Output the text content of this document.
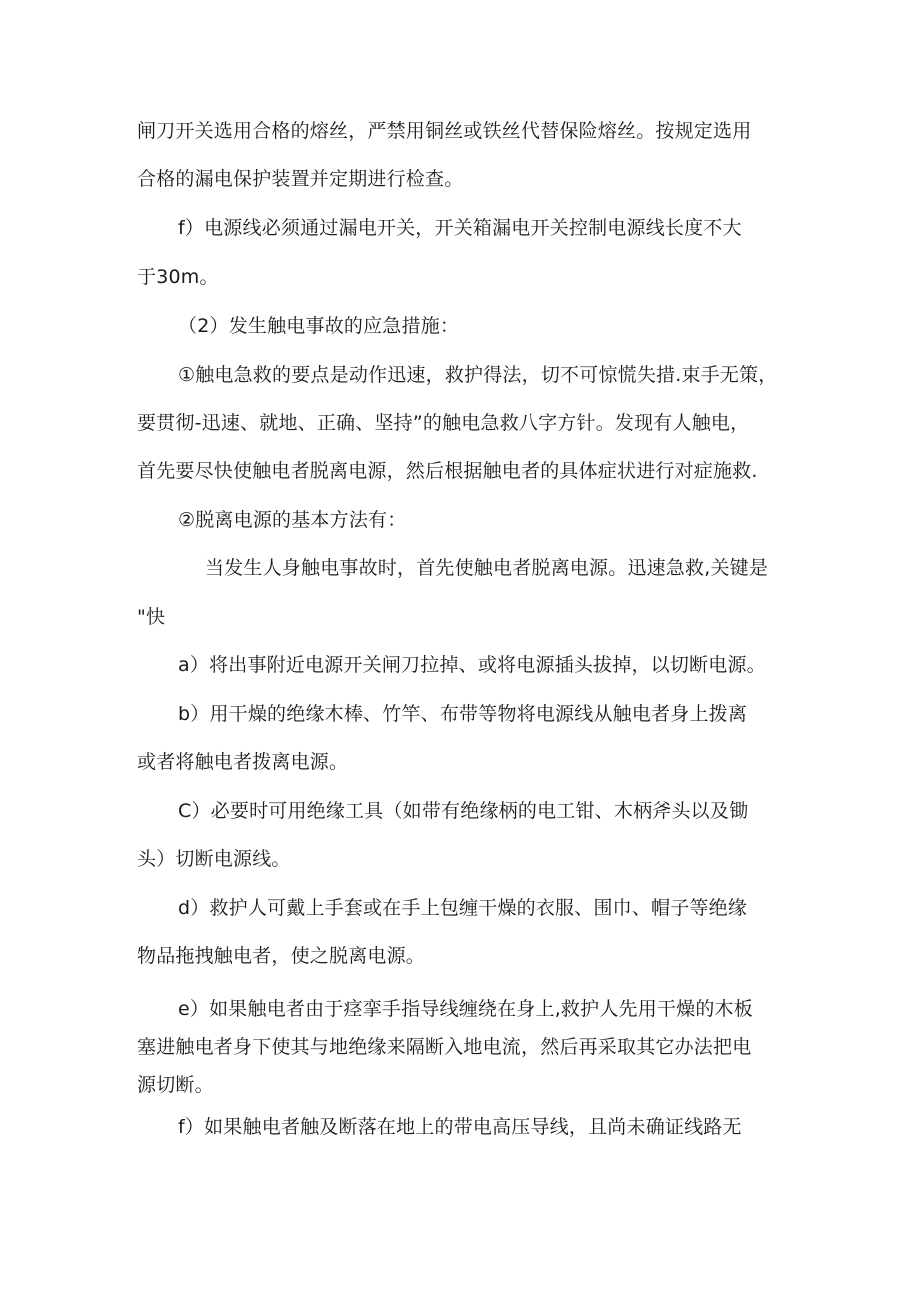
闸刀开关选用合格的熔丝，严禁用铜丝或铁丝代替保险熔丝。按规定选用
合格的漏电保护装置并定期进行检查。
f）电源线必须通过漏电开关，开关箱漏电开关控制电源线长度不大
于30m。
（2）发生触电事故的应急措施：
①触电急救的要点是动作迅速，救护得法，切不可惊慌失措.束手无策，
要贯彻-迅速、就地、正确、坚持”的触电急救八字方针。发现有人触电，
首先要尽快使触电者脱离电源，然后根据触电者的具体症状进行对症施救.
②脱离电源的基本方法有：
当发生人身触电事故时，首先使触电者脱离电源。迅速急救,关键是
"快
a）将出事附近电源开关闸刀拉掉、或将电源插头拔掉，以切断电源。
b）用干燥的绝缘木棒、竹竿、布带等物将电源线从触电者身上拨离
或者将触电者拨离电源。
C）必要时可用绝缘工具（如带有绝缘柄的电工钳、木柄斧头以及锄
头）切断电源线。
d）救护人可戴上手套或在手上包缠干燥的衣服、围巾、帽子等绝缘
物品拖拽触电者，使之脱离电源。
e）如果触电者由于痉挛手指导线缠绕在身上,救护人先用干燥的木板
塞进触电者身下使其与地绝缘来隔断入地电流，然后再采取其它办法把电
源切断。
f）如果触电者触及断落在地上的带电高压导线，且尚未确证线路无
